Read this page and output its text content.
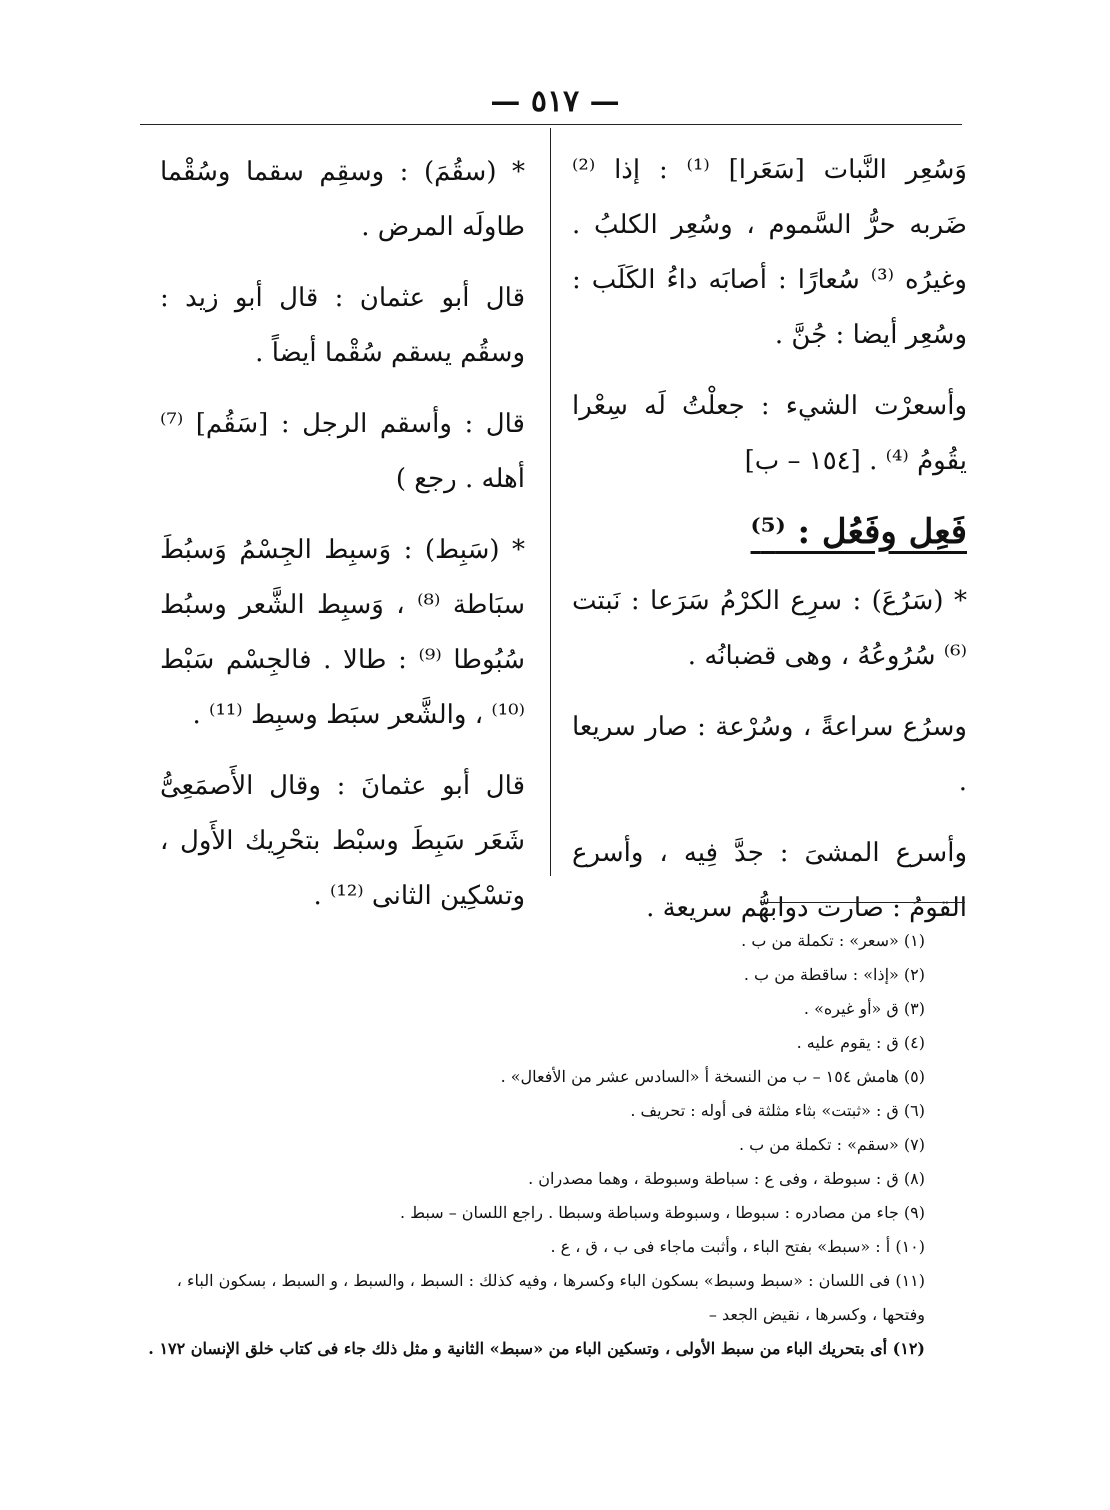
— ٥١٧ —

وَسُعِر النَّبات [سَعَرا] ⁽¹⁾ : إذا ⁽²⁾ ضَربه حرُّ السَّموم ، وسُعِر الكلبُ . وغيرُه ⁽³⁾ سُعارًا : أصابَه داءُ الكَلَب : وسُعِر أيضا : جُنَّ .

وأسعرْت الشيء : جعلْتُ لَه سِعْرا يقُومُ ⁽⁴⁾ . [١٥٤ – ب]

فَعِل وفَعُل : ⁽⁵⁾

* (سَرُعَ) : سرِع الكرْمُ سَرَعا : نَبتت ⁽⁶⁾ سُرُوعُهُ ، وهى قضبانُه .

وسرُع سراعةً ، وسُرْعة : صار سريعا .

وأسرع المشىَ : جدَّ فِيه ، وأسرع القومُ : صارت دوابهُّم سريعة .

* (سقُمَ) : وسقِم سقما وسُقْما طاولَه المرض .

قال أبو عثمان : قال أبو زيد : وسقُم يسقم سُقْما أيضاً .

قال : وأسقم الرجل : [سَقُم] ⁽⁷⁾ أهله . رجع )

* (سَبِط) : وَسبِط الجِسْمُ وَسبُطَ سبَاطة ⁽⁸⁾ ، وَسبِط الشَّعر وسبُط سُبُوطا ⁽⁹⁾ : طالا . فالجِسْم سَبْط ⁽¹⁰⁾ ، والشَّعر سبَط وسبِط ⁽¹¹⁾ .

قال أبو عثمانَ : وقال الأَصمَعِىُّ شَعَر سَبِطَ وسبْط بتحْرِيك الأَول ، وتسْكِين الثانى ⁽¹²⁾ .

(١) «سعر» : تكملة من ب .

(٢) «إذا» : ساقطة من ب .

(٣) ق «أو غيره» .

(٤) ق : يقوم عليه .

(٥) هامش ١٥٤ – ب من النسخة أ «السادس عشر من الأفعال» .

(٦) ق : «ثبتت» بثاء مثلثة فى أوله : تحريف .

(٧) «سقم» : تكملة من ب .

(٨) ق : سبوطة ، وفى ع : سباطة وسبوطة ، وهما مصدران .

(٩) جاء من مصادره : سبوطا ، وسبوطة وسباطة وسبطا . راجع اللسان – سبط .

(١٠) أ : «سبط» بفتح الباء ، وأثبت ماجاء فى ب ، ق ، ع .

(١١) فى اللسان : «سبط وسبط» بسكون الباء وكسرها ، وفيه كذلك : السبط ، والسبط ، و السبط ، بسكون الباء ، وفتحها ، وكسرها ، نقيض الجعد –

(١٢) أى بتحريك الباء من سبط الأولى ، وتسكين الباء من «سبط» الثانية و مثل ذلك جاء فى كتاب خلق الإنسان ١٧٢ .
